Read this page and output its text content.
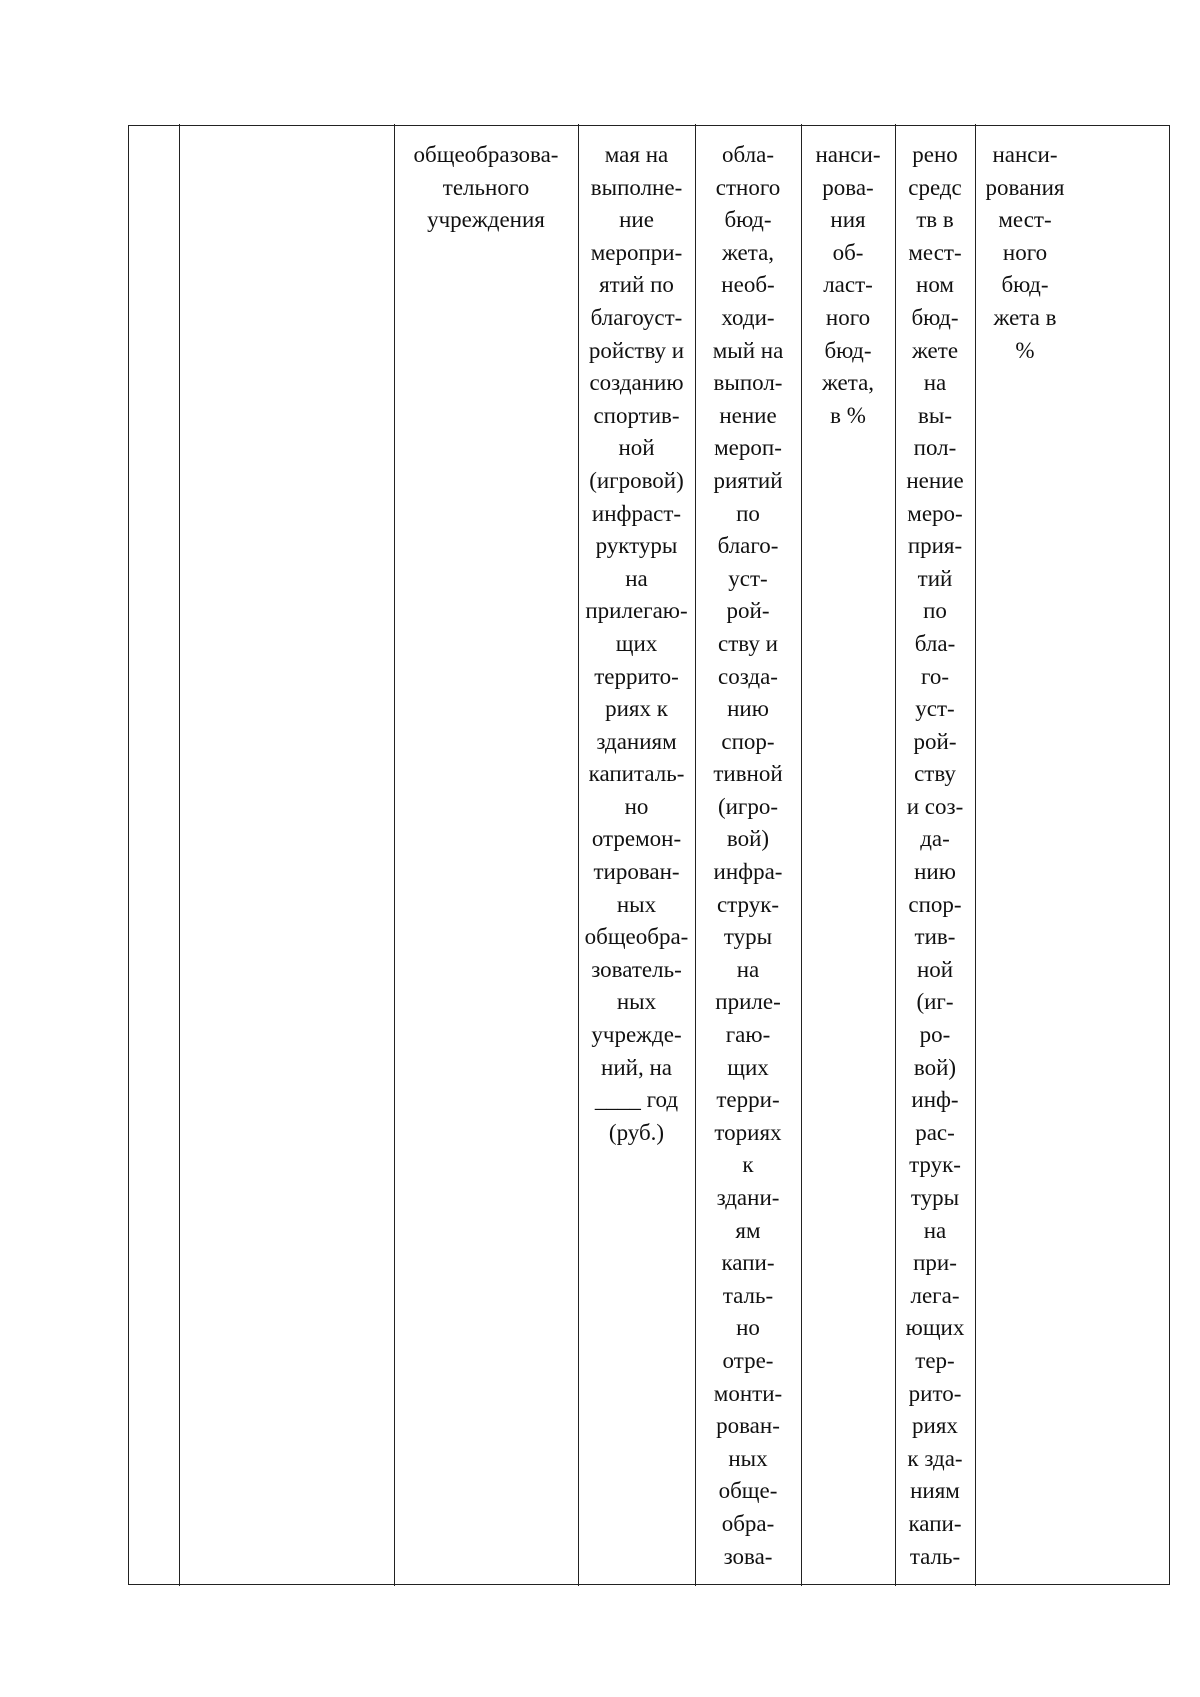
общеобразова-
тельного
учреждения
мая на
выполне-
ние
меропри-
ятий по
благоуст-
ройству и
созданию
спортив-
ной
(игровой)
инфраст-
руктуры
на
прилегаю-
щих
террито-
риях к
зданиям
капиталь-
но
отремон-
тирован-
ных
общеобра-
зователь-
ных
учрежде-
ний, на
____ год
(руб.)
обла-
стного
бюд-
жета,
необ-
ходи-
мый на
выпол-
нение
мероп-
риятий
по
благо-
уст-
рой-
ству и
созда-
нию
спор-
тивной
(игро-
вой)
инфра-
струк-
туры
на
приле-
гаю-
щих
терри-
ториях
к
здани-
ям
капи-
таль-
но
отре-
монти-
рован-
ных
обще-
обра-
зова-
нанси-
рова-
ния
об-
ласт-
ного
бюд-
жета,
в %
рено
средс
тв в
мест-
ном
бюд-
жете
на
вы-
пол-
нение
меро-
прия-
тий
по
бла-
го-
уст-
рой-
ству
и соз-
да-
нию
спор-
тив-
ной
(иг-
ро-
вой)
инф-
рас-
трук-
туры
на
при-
легa-
ющих
тер-
рито-
риях
к зда-
ниям
капи-
таль-
нанси-
рования
мест-
ного
бюд-
жета в
%
